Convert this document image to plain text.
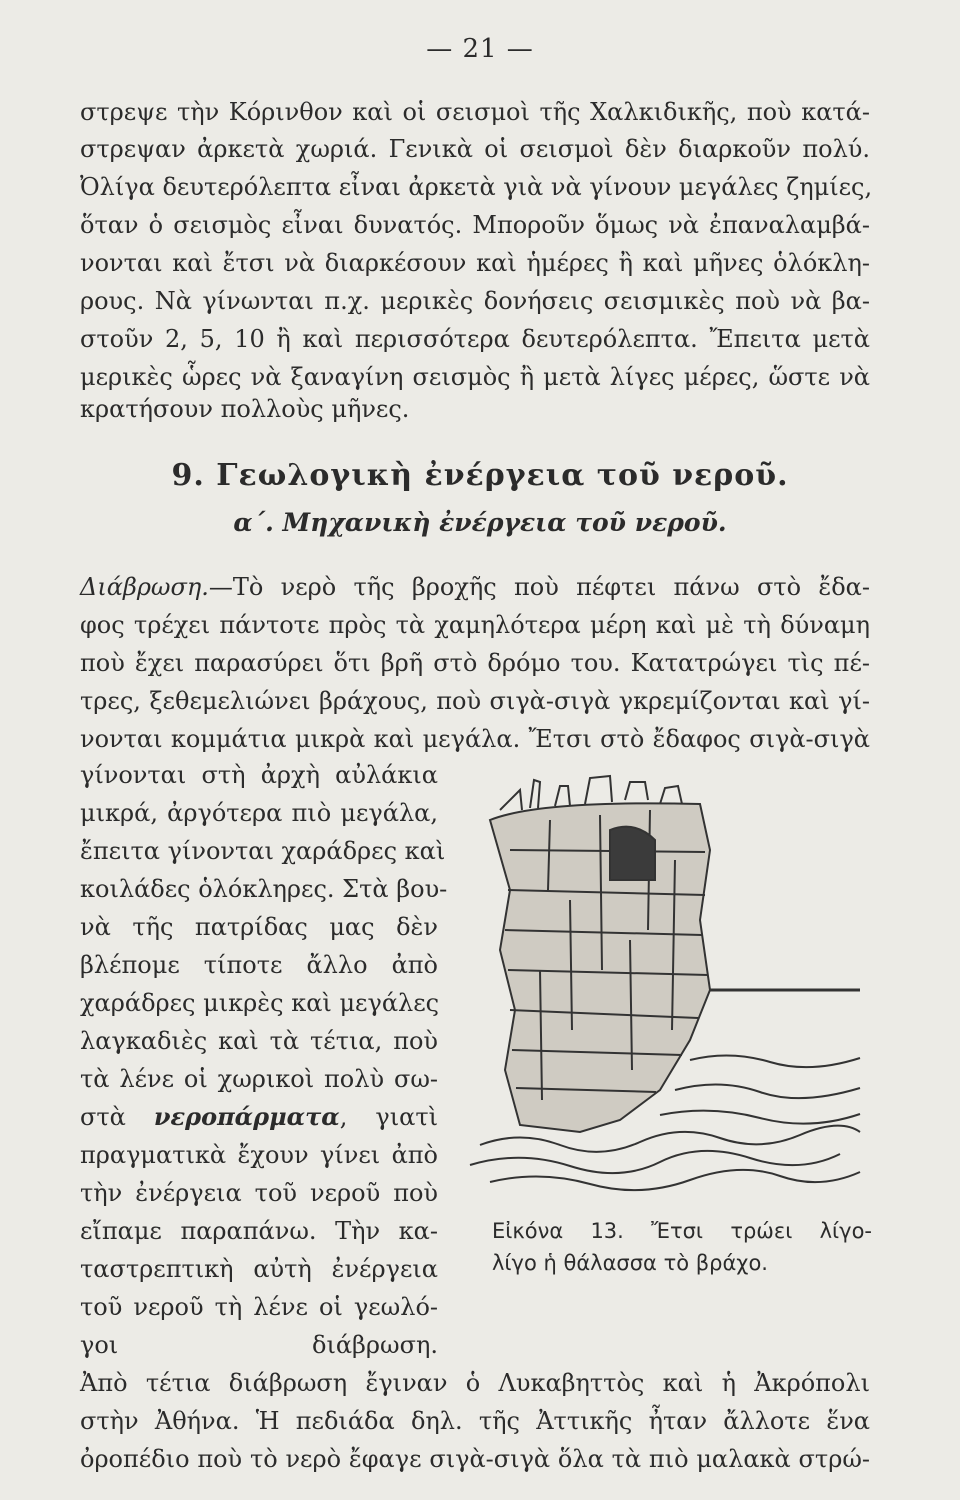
— 21 —
στρεψε τὴν Κόρινθον καὶ οἱ σεισμοὶ τῆς Χαλκιδικῆς, ποὺ κατά-
στρεψαν ἀρκετὰ χωριά. Γενικὰ οἱ σεισμοὶ δὲν διαρκοῦν πολύ.
Ὀλίγα δευτερόλεπτα εἶναι ἀρκετὰ γιὰ νὰ γίνουν μεγάλες ζημίες,
ὅταν ὁ σεισμὸς εἶναι δυνατός. Μποροῦν ὅμως νὰ ἐπαναλαμβά-
νονται καὶ ἔτσι νὰ διαρκέσουν καὶ ἡμέρες ἢ καὶ μῆνες ὁλόκλη-
ρους. Νὰ γίνωνται π.χ. μερικὲς δονήσεις σεισμικὲς ποὺ νὰ βα-
στοῦν 2, 5, 10 ἢ καὶ περισσότερα δευτερόλεπτα. Ἔπειτα μετὰ
μερικὲς ὧρες νὰ ξαναγίνη σεισμὸς ἢ μετὰ λίγες μέρες, ὥστε νὰ
κρατήσουν πολλοὺς μῆνες.
9. Γεωλογικὴ ἐνέργεια τοῦ νεροῦ.
α΄. Μηχανικὴ ἐνέργεια τοῦ νεροῦ.
Διάβρωση.—Τὸ νερὸ τῆς βροχῆς ποὺ πέφτει πάνω στὸ ἔδα-
φος τρέχει πάντοτε πρὸς τὰ χαμηλότερα μέρη καὶ μὲ τὴ δύναμη
ποὺ ἔχει παρασύρει ὅτι βρῆ στὸ δρόμο του. Κατατρώγει τὶς πέ-
τρες, ξεθεμελιώνει βράχους, ποὺ σιγὰ-σιγὰ γκρεμίζονται καὶ γί-
νονται κομμάτια μικρὰ καὶ μεγάλα. Ἔτσι στὸ ἔδαφος σιγὰ-σιγὰ
γίνονται στὴ ἀρχὴ αὐλάκια
μικρά, ἀργότερα πιὸ μεγάλα,
ἔπειτα γίνονται χαράδρες καὶ
κοιλάδες ὁλόκληρες. Στὰ βου-
νὰ τῆς πατρίδας μας δὲν
βλέπομε τίποτε ἄλλο ἀπὸ
χαράδρες μικρὲς καὶ μεγάλες
λαγκαδιὲς καὶ τὰ τέτια, ποὺ
τὰ λένε οἱ χωρικοὶ πολὺ σω-
στὰ νεροπάρματα, γιατὶ
πραγματικὰ ἔχουν γίνει ἀπὸ
τὴν ἐνέργεια τοῦ νεροῦ ποὺ
εἴπαμε παραπάνω. Τὴν κα-
ταστρεπτικὴ αὐτὴ ἐνέργεια
τοῦ νεροῦ τὴ λένε οἱ γεωλό-
γοι διάβρωση.
Εἰκόνα 13. Ἔτσι τρώει λίγο-
λίγο ἡ θάλασσα τὸ βράχο.
Ἀπὸ τέτια διάβρωση ἔγιναν ὁ Λυκαβηττὸς καὶ ἡ Ἀκρόπολι
στὴν Ἀθήνα. Ἡ πεδιάδα δηλ. τῆς Ἀττικῆς ἦταν ἄλλοτε ἕνα
ὀροπέδιο ποὺ τὸ νερὸ ἔφαγε σιγὰ-σιγὰ ὅλα τὰ πιὸ μαλακὰ στρώ-
